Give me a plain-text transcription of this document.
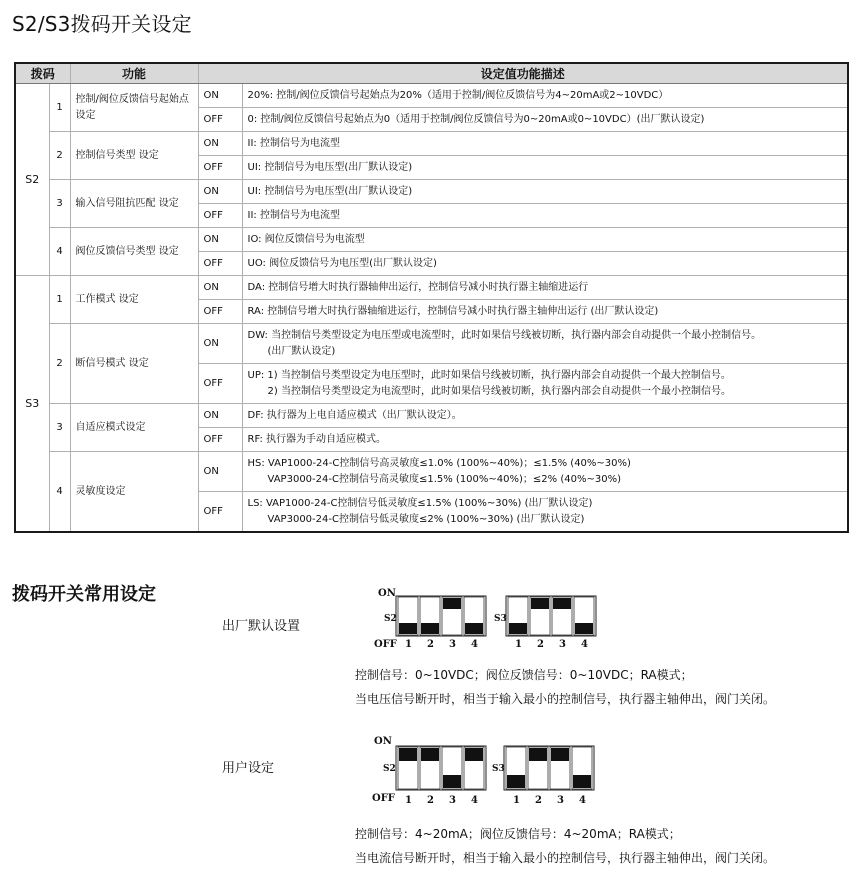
S2/S3拨码开关设定
拨码		功能	设定值功能描述	
S2	1	控制/阀位反馈信号起始点设定	ON	20%: 控制/阀位反馈信号起始点为20%（适用于控制/阀位反馈信号为4~20mA或2~10VDC）
			OFF	0: 控制/阀位反馈信号起始点为0（适用于控制/阀位反馈信号为0~20mA或0~10VDC）(出厂默认设定)
	2	控制信号类型 设定	ON	II: 控制信号为电流型
			OFF	UI: 控制信号为电压型(出厂默认设定)
	3	输入信号阻抗匹配 设定	ON	UI: 控制信号为电压型(出厂默认设定)
			OFF	II: 控制信号为电流型
	4	阀位反馈信号类型 设定	ON	IO: 阀位反馈信号为电流型
			OFF	UO: 阀位反馈信号为电压型(出厂默认设定)
S3	1	工作模式 设定	ON	DA: 控制信号增大时执行器轴伸出运行，控制信号减小时执行器主轴缩进运行
			OFF	RA: 控制信号增大时执行器轴缩进运行，控制信号减小时执行器主轴伸出运行 (出厂默认设定)
	2	断信号模式 设定	ON	DW: 当控制信号类型设定为电压型或电流型时，此时如果信号线被切断，执行器内部会自动提供一个最小控制信号。
(出厂默认设定)

			OFF	UP: 1) 当控制信号类型设定为电压型时，此时如果信号线被切断，执行器内部会自动提供一个最大控制信号。
2) 当控制信号类型设定为电流型时，此时如果信号线被切断，执行器内部会自动提供一个最小控制信号。

	3	自适应模式设定	ON	DF: 执行器为上电自适应模式（出厂默认设定）。
			OFF	RF: 执行器为手动自适应模式。
	4	灵敏度设定	ON	HS: VAP1000-24-C控制信号高灵敏度≤1.0% (100%~40%)；≤1.5% (40%~30%)
VAP3000-24-C控制信号高灵敏度≤1.5% (100%~40%)；≤2% (40%~30%)

			OFF	LS: VAP1000-24-C控制信号低灵敏度≤1.5% (100%~30%) (出厂默认设定)
VAP3000-24-C控制信号低灵敏度≤2% (100%~30%) (出厂默认设定)
拨码开关常用设定
出厂默认设置
ON
OFF
S2	S3
1 2 3 4	1 2 3 4
控制信号：0~10VDC；阀位反馈信号：0~10VDC；RA模式；
当电压信号断开时，相当于输入最小的控制信号，执行器主轴伸出，阀门关闭。
用户设定
ON
OFF
S2	S3
1 2 3 4	1 2 3 4
控制信号：4~20mA；阀位反馈信号：4~20mA；RA模式；
当电流信号断开时，相当于输入最小的控制信号，执行器主轴伸出，阀门关闭。
